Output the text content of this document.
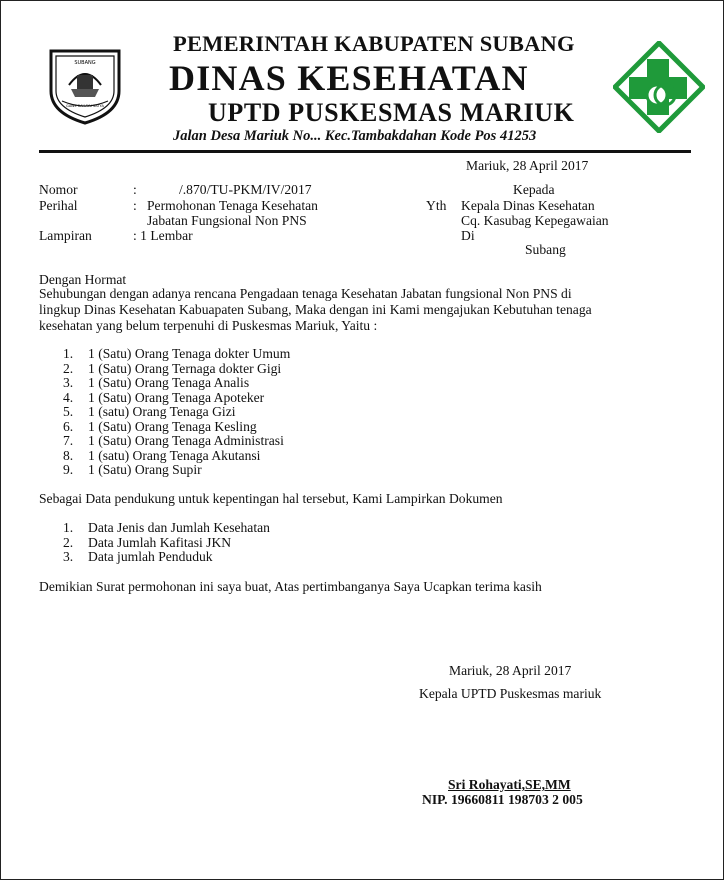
SUBANG
GAWE RAHAYU SATYA
PEMERINTAH KABUPATEN SUBANG
DINAS KESEHATAN
UPTD PUSKESMAS MARIUK
Jalan Desa Mariuk No... Kec.Tambakdahan Kode Pos 41253
Mariuk, 28 April 2017
Nomor	:	/.870/TU-PKM/IV/2017
Perihal	: Permohonan Tenaga Kesehatan
Jabatan Fungsional Non PNS
Lampiran	: 1 Lembar
Kepada
Yth Kepala Dinas Kesehatan
Cq. Kasubag Kepegawaian
Di
Subang
Dengan Hormat
Sehubungan dengan adanya rencana Pengadaan tenaga Kesehatan Jabatan fungsional Non PNS di
lingkup Dinas Kesehatan Kabuapaten Subang, Maka dengan ini Kami mengajukan Kebutuhan tenaga
kesehatan yang belum terpenuhi di Puskesmas Mariuk, Yaitu :
1. 1 (Satu) Orang Tenaga dokter Umum
2. 1 (Satu) Orang Ternaga dokter Gigi
3. 1 (Satu) Orang Tenaga Analis
4. 1 (Satu) Orang Tenaga Apoteker
5. 1 (satu) Orang Tenaga Gizi
6. 1 (Satu) Orang Tenaga Kesling
7. 1 (Satu) Orang Tenaga Administrasi
8. 1 (satu) Orang Tenaga Akutansi
9. 1 (Satu) Orang Supir
Sebagai Data pendukung untuk kepentingan hal tersebut, Kami Lampirkan Dokumen
1. Data Jenis dan Jumlah Kesehatan
2. Data Jumlah Kafitasi JKN
3. Data jumlah Penduduk
Demikian Surat permohonan ini saya buat, Atas pertimbanganya Saya Ucapkan terima kasih
Mariuk, 28 April 2017
Kepala UPTD Puskesmas mariuk
Sri Rohayati,SE,MM
NIP. 19660811 198703 2 005
